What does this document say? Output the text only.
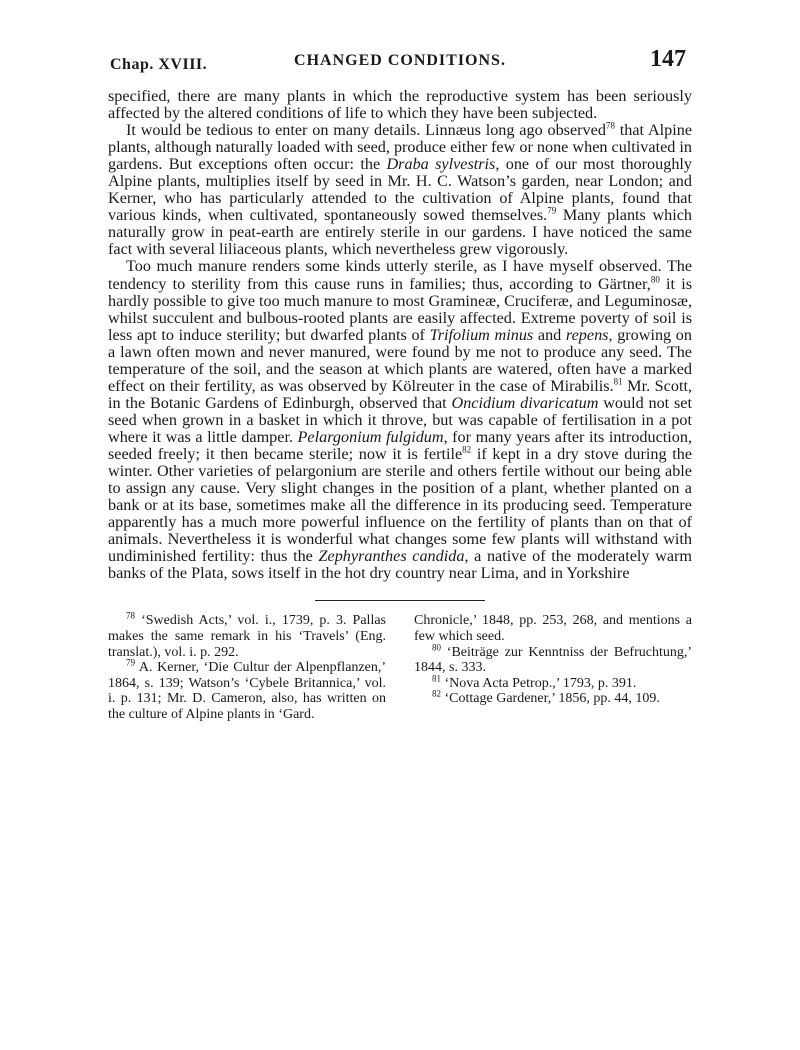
Chap. XVIII.	CHANGED CONDITIONS.	147

specified, there are many plants in which the reproductive system has been seriously affected by the altered conditions of life to which they have been subjected.

It would be tedious to enter on many details. Linnæus long ago observed$^{78}$ that Alpine plants, although naturally loaded with seed, produce either few or none when cultivated in gardens. But exceptions often occur: the Draba sylvestris, one of our most thoroughly Alpine plants, multiplies itself by seed in Mr. H. C. Watson’s garden, near London; and Kerner, who has particularly attended to the cultivation of Alpine plants, found that various kinds, when cultivated, spontaneously sowed themselves.$^{79}$ Many plants which naturally grow in peat-earth are entirely sterile in our gardens. I have noticed the same fact with several liliaceous plants, which nevertheless grew vigorously.

Too much manure renders some kinds utterly sterile, as I have myself observed. The tendency to sterility from this cause runs in families; thus, according to Gärtner,$^{80}$ it is hardly possible to give too much manure to most Gramineæ, Cruciferæ, and Leguminosæ, whilst succulent and bulbous-rooted plants are easily affected. Extreme poverty of soil is less apt to induce sterility; but dwarfed plants of Trifolium minus and repens, growing on a lawn often mown and never manured, were found by me not to produce any seed. The temperature of the soil, and the season at which plants are watered, often have a marked effect on their fertility, as was observed by Kölreuter in the case of Mirabilis.$^{81}$ Mr. Scott, in the Botanic Gardens of Edinburgh, observed that Oncidium divaricatum would not set seed when grown in a basket in which it throve, but was capable of fertilisation in a pot where it was a little damper. Pelargonium fulgidum, for many years after its introduction, seeded freely; it then became sterile; now it is fertile$^{82}$ if kept in a dry stove during the winter. Other varieties of pelargonium are sterile and others fertile without our being able to assign any cause. Very slight changes in the position of a plant, whether planted on a bank or at its base, sometimes make all the difference in its producing seed. Temperature apparently has a much more powerful influence on the fertility of plants than on that of animals. Nevertheless it is wonderful what changes some few plants will withstand with undiminished fertility: thus the Zephyranthes candida, a native of the moderately warm banks of the Plata, sows itself in the hot dry country near Lima, and in Yorkshire

$^{78}$ ‘Swedish Acts,’ vol. i., 1739, p. 3. Pallas makes the same remark in his ‘Travels’ (Eng. translat.), vol. i. p. 292.

$^{79}$ A. Kerner, ‘Die Cultur der Alpenpflanzen,’ 1864, s. 139; Watson’s ‘Cybele Britannica,’ vol. i. p. 131; Mr. D. Cameron, also, has written on the culture of Alpine plants in ‘Gard.

Chronicle,’ 1848, pp. 253, 268, and mentions a few which seed.

$^{80}$ ‘Beiträge zur Kenntniss der Befruchtung,’ 1844, s. 333.

$^{81}$ ‘Nova Acta Petrop.,’ 1793, p. 391.

$^{82}$ ‘Cottage Gardener,’ 1856, pp. 44, 109.
